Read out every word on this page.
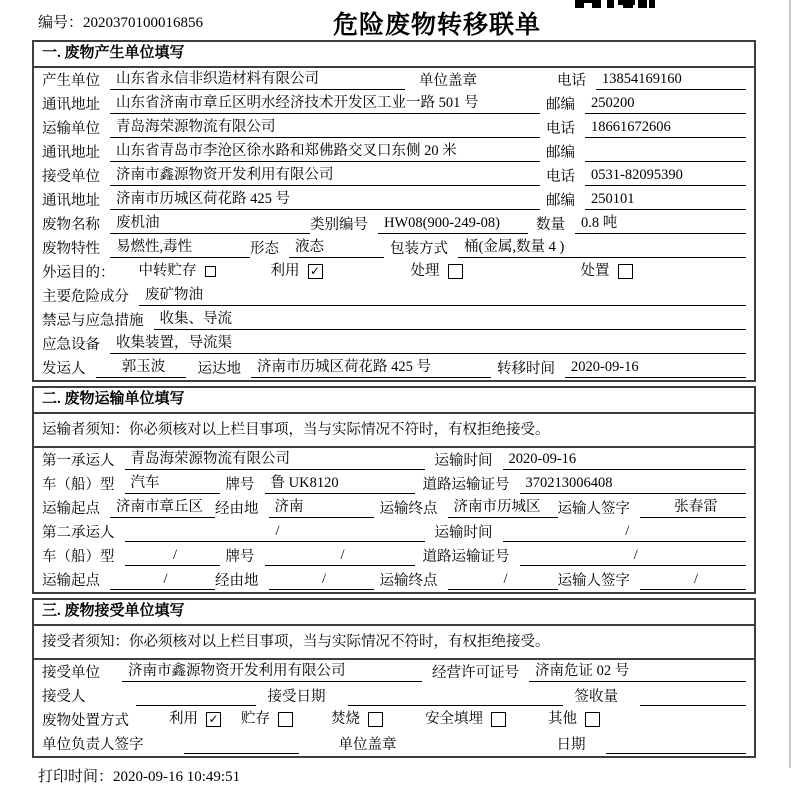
编号：2020370100016856	危险废物转移联单
一. 废物产生单位填写
产生单位	山东省永信非织造材料有限公司	单位盖章	电话	13854169160
通讯地址	山东省济南市章丘区明水经济技术开发区工业一路 501 号	邮编	250200
运输单位	青岛海荣源物流有限公司	电话	18661672606
通讯地址	山东省青岛市李沧区徐水路和郑佛路交叉口东侧 20 米	邮编
接受单位	济南市鑫源物资开发利用有限公司	电话	0531-82095390
通讯地址	济南市历城区荷花路 425 号	邮编	250101
废物名称	废机油	类别编号	HW08(900-249-08)	数量	0.8 吨
废物特性	易燃性,毒性	形态	液态	包装方式	桶(金属,数量 4 )
外运目的： 中转贮存	利用 ✓	处理	处置
主要危险成分	废矿物油
禁忌与应急措施	收集、导流
应急设备	收集装置，导流渠
发运人	郭玉波	运达地	济南市历城区荷花路 425 号	转移时间	2020-09-16
二. 废物运输单位填写
运输者须知：你必须核对以上栏目事项，当与实际情况不符时，有权拒绝接受。
第一承运人	青岛海荣源物流有限公司	运输时间	2020-09-16
车（船）型	汽车	牌号	鲁 UK8120	道路运输证号	370213006408
运输起点	济南市章丘区 经由地	济南	运输终点	济南市历城区	运输人签字	张春雷
第二承运人	/	运输时间	/
车（船）型	/	牌号	/	道路运输证号	/
运输起点	/	经由地	/	运输终点	/	运输人签字	/
三. 废物接受单位填写
接受者须知：你必须核对以上栏目事项，当与实际情况不符时，有权拒绝接受。
接受单位	济南市鑫源物资开发利用有限公司	经营许可证号	济南危证 02 号
接受人	接受日期	签收量
废物处置方式	利用 ✓ 贮存	焚烧	安全填埋	其他
单位负责人签字	单位盖章	日期
打印时间：2020-09-16 10:49:51
